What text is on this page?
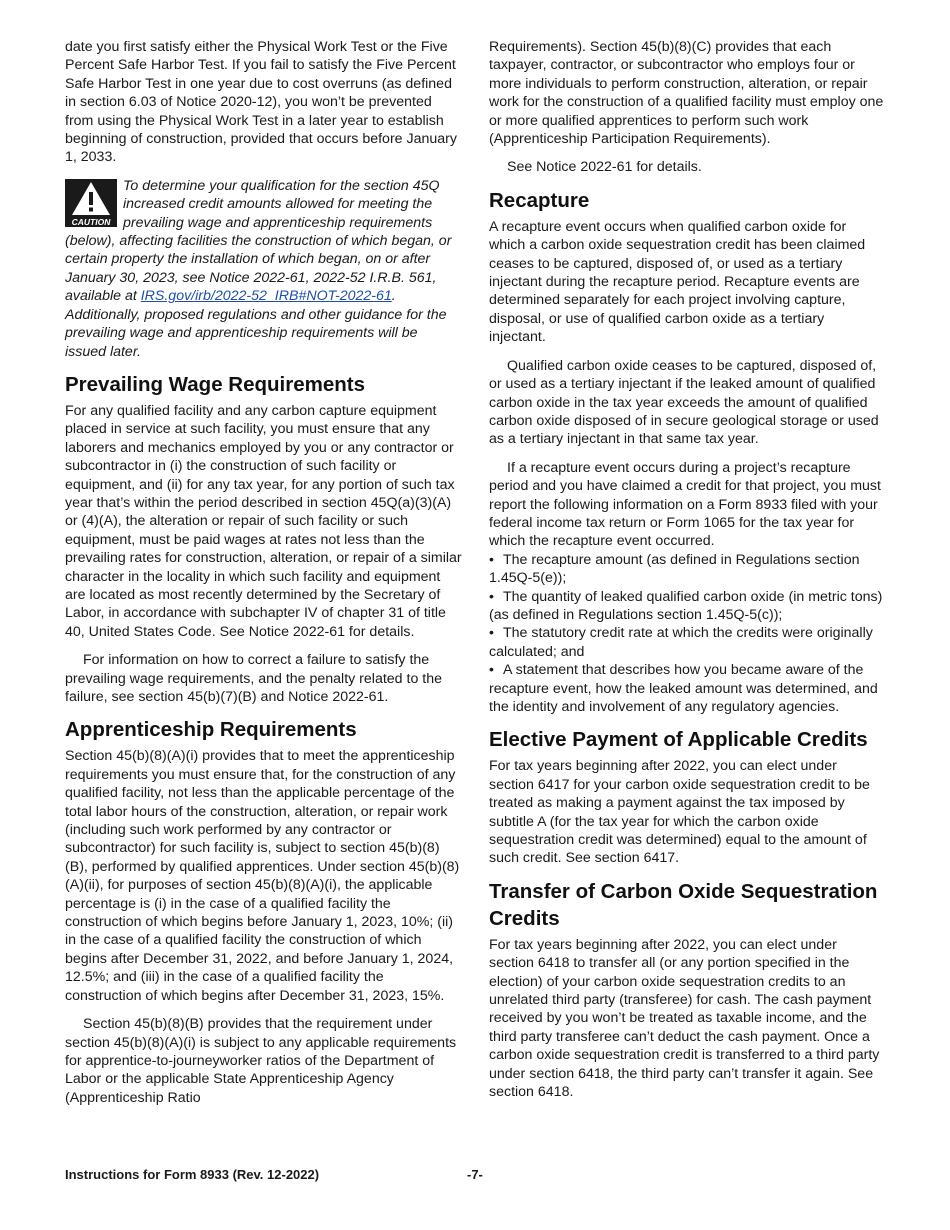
date you first satisfy either the Physical Work Test or the Five Percent Safe Harbor Test. If you fail to satisfy the Five Percent Safe Harbor Test in one year due to cost overruns (as defined in section 6.03 of Notice 2020-12), you won’t be prevented from using the Physical Work Test in a later year to establish beginning of construction, provided that occurs before January 1, 2033.

CAUTION

To determine your qualification for the section 45Q increased credit amounts allowed for meeting the prevailing wage and apprenticeship requirements (below), affecting facilities the construction of which began, or certain property the installation of which began, on or after January 30, 2023, see Notice 2022-61, 2022-52 I.R.B. 561, available at IRS.gov/irb/2022-52_IRB#NOT-2022-61. Additionally, proposed regulations and other guidance for the prevailing wage and apprenticeship requirements will be issued later.

Prevailing Wage Requirements

For any qualified facility and any carbon capture equipment placed in service at such facility, you must ensure that any laborers and mechanics employed by you or any contractor or subcontractor in (i) the construction of such facility or equipment, and (ii) for any tax year, for any portion of such tax year that’s within the period described in section 45Q(a)(3)(A) or (4)(A), the alteration or repair of such facility or such equipment, must be paid wages at rates not less than the prevailing rates for construction, alteration, or repair of a similar character in the locality in which such facility and equipment are located as most recently determined by the Secretary of Labor, in accordance with subchapter IV of chapter 31 of title 40, United States Code. See Notice 2022-61 for details.

For information on how to correct a failure to satisfy the prevailing wage requirements, and the penalty related to the failure, see section 45(b)(7)(B) and Notice 2022-61.

Apprenticeship Requirements

Section 45(b)(8)(A)(i) provides that to meet the apprenticeship requirements you must ensure that, for the construction of any qualified facility, not less than the applicable percentage of the total labor hours of the construction, alteration, or repair work (including such work performed by any contractor or subcontractor) for such facility is, subject to section 45(b)(8)(B), performed by qualified apprentices. Under section 45(b)(8)(A)(ii), for purposes of section 45(b)(8)(A)(i), the applicable percentage is (i) in the case of a qualified facility the construction of which begins before January 1, 2023, 10%; (ii) in the case of a qualified facility the construction of which begins after December 31, 2022, and before January 1, 2024, 12.5%; and (iii) in the case of a qualified facility the construction of which begins after December 31, 2023, 15%.

Section 45(b)(8)(B) provides that the requirement under section 45(b)(8)(A)(i) is subject to any applicable requirements for apprentice-to-journeyworker ratios of the Department of Labor or the applicable State Apprenticeship Agency (Apprenticeship Ratio

Requirements). Section 45(b)(8)(C) provides that each taxpayer, contractor, or subcontractor who employs four or more individuals to perform construction, alteration, or repair work for the construction of a qualified facility must employ one or more qualified apprentices to perform such work (Apprenticeship Participation Requirements).

See Notice 2022-61 for details.

Recapture

A recapture event occurs when qualified carbon oxide for which a carbon oxide sequestration credit has been claimed ceases to be captured, disposed of, or used as a tertiary injectant during the recapture period. Recapture events are determined separately for each project involving capture, disposal, or use of qualified carbon oxide as a tertiary injectant.

Qualified carbon oxide ceases to be captured, disposed of, or used as a tertiary injectant if the leaked amount of qualified carbon oxide in the tax year exceeds the amount of qualified carbon oxide disposed of in secure geological storage or used as a tertiary injectant in that same tax year.

If a recapture event occurs during a project’s recapture period and you have claimed a credit for that project, you must report the following information on a Form 8933 filed with your federal income tax return or Form 1065 for the tax year for which the recapture event occurred.

• The recapture amount (as defined in Regulations section 1.45Q-5(e));
• The quantity of leaked qualified carbon oxide (in metric tons) (as defined in Regulations section 1.45Q-5(c));
• The statutory credit rate at which the credits were originally calculated; and
• A statement that describes how you became aware of the recapture event, how the leaked amount was determined, and the identity and involvement of any regulatory agencies.
Elective Payment of Applicable Credits

For tax years beginning after 2022, you can elect under section 6417 for your carbon oxide sequestration credit to be treated as making a payment against the tax imposed by subtitle A (for the tax year for which the carbon oxide sequestration credit was determined) equal to the amount of such credit. See section 6417.

Transfer of Carbon Oxide Sequestration Credits

For tax years beginning after 2022, you can elect under section 6418 to transfer all (or any portion specified in the election) of your carbon oxide sequestration credits to an unrelated third party (transferee) for cash. The cash payment received by you won’t be treated as taxable income, and the third party transferee can’t deduct the cash payment. Once a carbon oxide sequestration credit is transferred to a third party under section 6418, the third party can’t transfer it again. See section 6418.

Instructions for Form 8933 (Rev. 12-2022)	-7-
